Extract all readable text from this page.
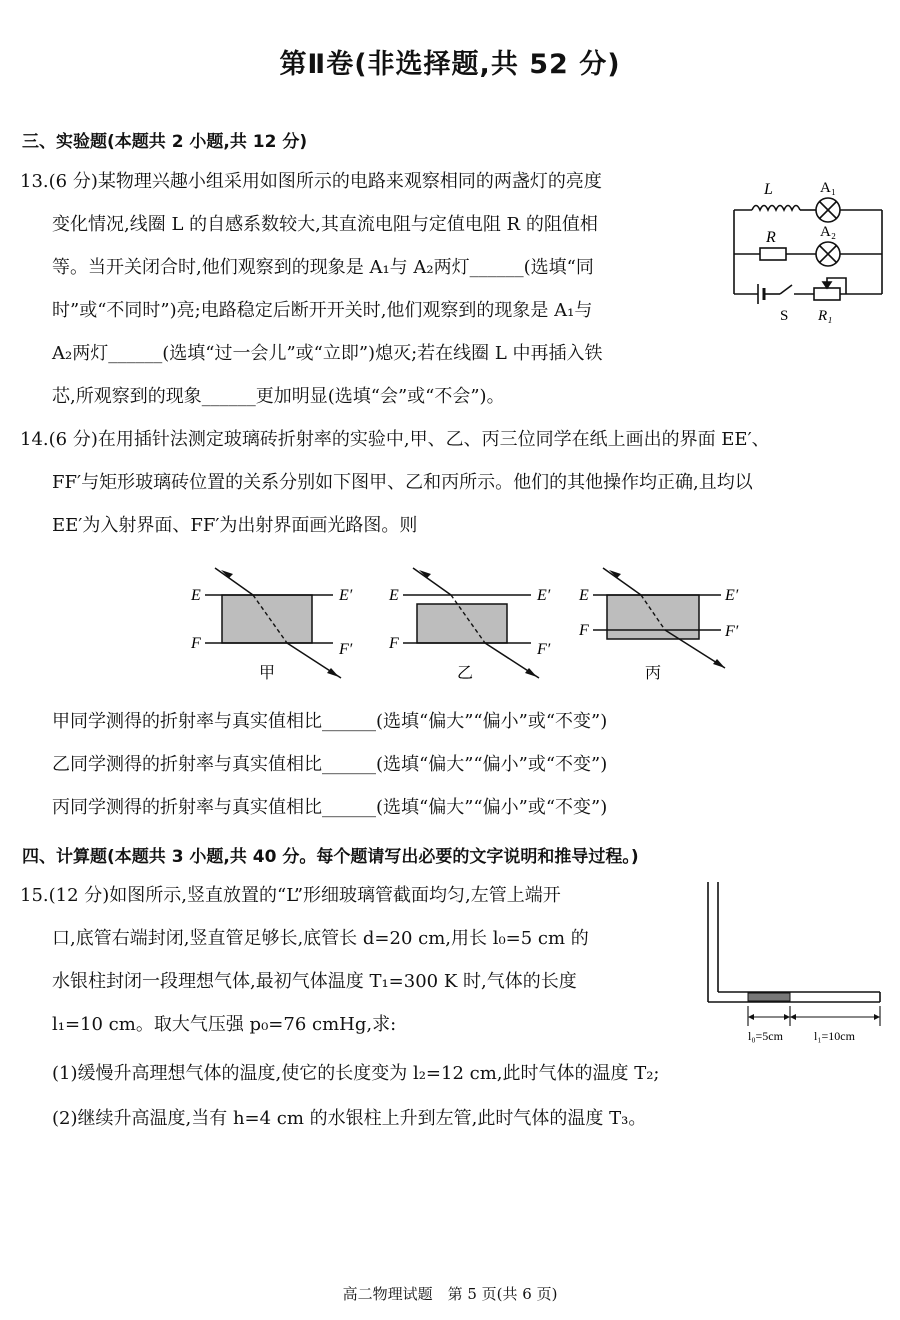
第Ⅱ卷(非选择题,共 52 分)
三、实验题(本题共 2 小题,共 12 分)
13.(6 分)某物理兴趣小组采用如图所示的电路来观察相同的两盏灯的亮度
变化情况,线圈 L 的自感系数较大,其直流电阻与定值电阻 R 的阻值相
等。当开关闭合时,他们观察到的现象是 A₁与 A₂两灯______(选填“同
时”或“不同时”)亮;电路稳定后断开开关时,他们观察到的现象是 A₁与
A₂两灯______(选填“过一会儿”或“立即”)熄灭;若在线圈 L 中再插入铁
芯,所观察到的现象______更加明显(选填“会”或“不会”)。
L	A₁
R	A₂
S R₁
14.(6 分)在用插针法测定玻璃砖折射率的实验中,甲、乙、丙三位同学在纸上画出的界面 EE′、
FF′与矩形玻璃砖位置的关系分别如下图甲、乙和丙所示。他们的其他操作均正确,且均以
EE′为入射界面、FF′为出射界面画光路图。则
E	E′
F	F′
甲
E	E′
F	F′
乙
E	E′
F	F′
丙
甲同学测得的折射率与真实值相比______(选填“偏大”“偏小”或“不变”)
乙同学测得的折射率与真实值相比______(选填“偏大”“偏小”或“不变”)
丙同学测得的折射率与真实值相比______(选填“偏大”“偏小”或“不变”)
四、计算题(本题共 3 小题,共 40 分。每个题请写出必要的文字说明和推导过程。)
15.(12 分)如图所示,竖直放置的“L”形细玻璃管截面均匀,左管上端开
口,底管右端封闭,竖直管足够长,底管长 d=20 cm,用长 l₀=5 cm 的
水银柱封闭一段理想气体,最初气体温度 T₁=300 K 时,气体的长度
l₁=10 cm。取大气压强 p₀=76 cmHg,求:
(1)缓慢升高理想气体的温度,使它的长度变为 l₂=12 cm,此时气体的温度 T₂;
(2)继续升高温度,当有 h=4 cm 的水银柱上升到左管,此时气体的温度 T₃。
l₀=5cm	l₁=10cm
高二物理试题　第 5 页(共 6 页)
